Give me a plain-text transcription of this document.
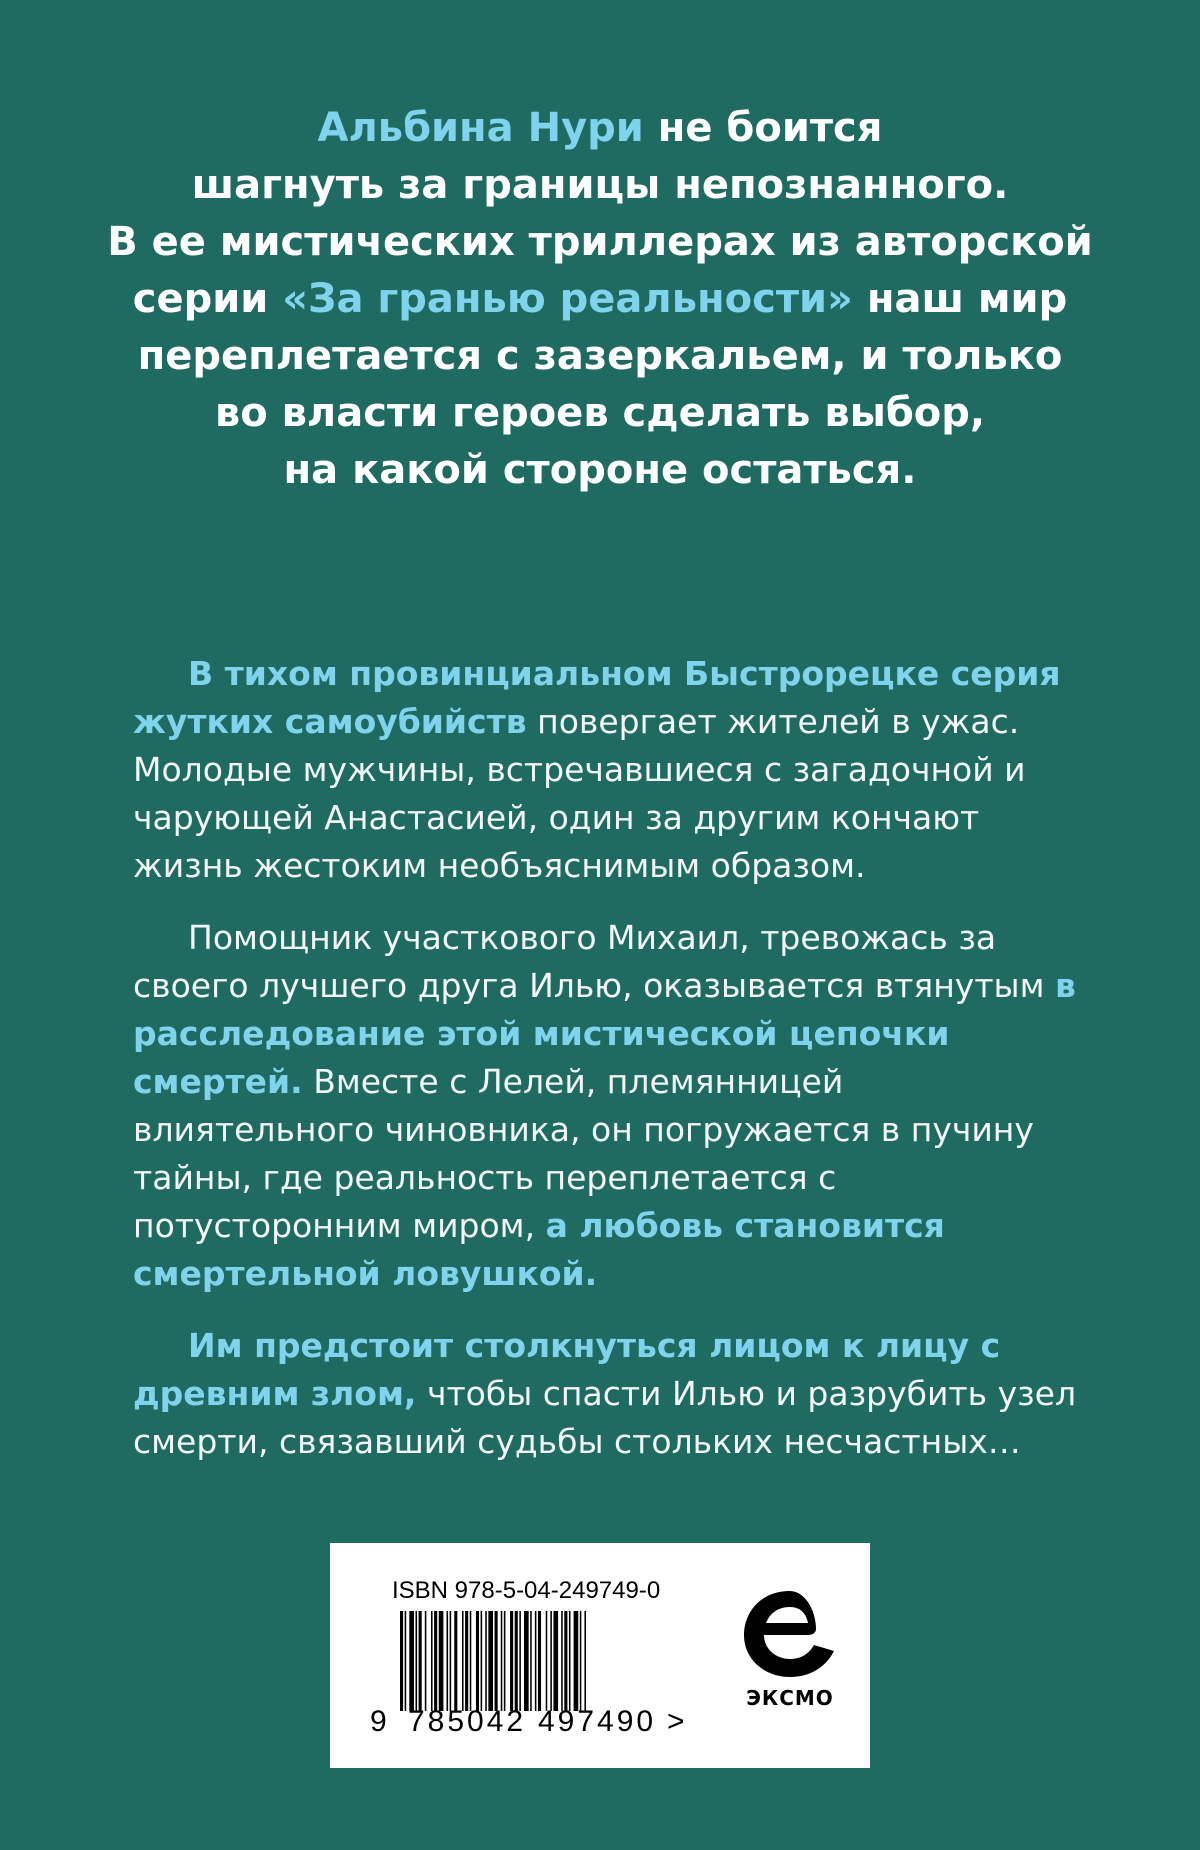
Альбина Нури не боится
шагнуть за границы непознанного.
В ее мистических триллерах из авторской
серии «За гранью реальности» наш мир
переплетается с зазеркальем, и только
во власти героев сделать выбор,
на какой стороне остаться.

В тихом провинциальном Быстрорецке серия жутких самоубийств повергает жителей в ужас. Молодые мужчины, встречавшиеся с загадочной и чарующей Анастасией, один за другим кончают жизнь жестоким необъяснимым образом.

Помощник участкового Михаил, тревожась за своего лучшего друга Илью, оказывается втянутым в расследование этой мистической цепочки смертей. Вместе с Лелей, племянницей влиятельного чиновника, он погружается в пучину тайны, где реальность переплетается с потусторонним миром, а любовь становится смертельной ловушкой.

Им предстоит столкнуться лицом к лицу с древним злом, чтобы спасти Илью и разрубить узел смерти, связавший судьбы стольких несчастных…

ISBN 978-5-04-249749-0
9 785042 497490 >
ЭКСМО
